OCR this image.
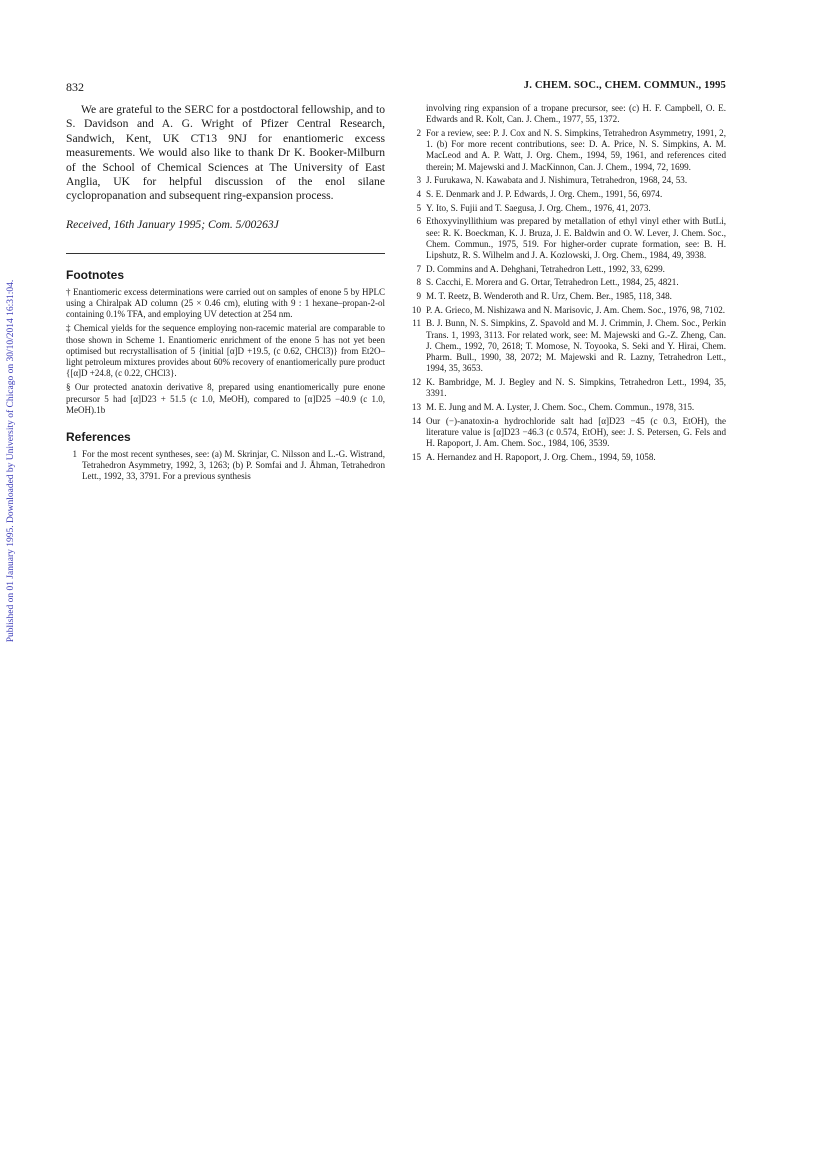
Published on 01 January 1995. Downloaded by University of Chicago on 30/10/2014 16:31:04.
832	J. CHEM. SOC., CHEM. COMMUN., 1995

We are grateful to the SERC for a postdoctoral fellowship, and to S. Davidson and A. G. Wright of Pfizer Central Research, Sandwich, Kent, UK CT13 9NJ for enantiomeric excess measurements. We would also like to thank Dr K. Booker-Milburn of the School of Chemical Sciences at The University of East Anglia, UK for helpful discussion of the enol silane cyclopropanation and subsequent ring-expansion process.

Received, 16th January 1995; Com. 5/00263J

Footnotes

† Enantiomeric excess determinations were carried out on samples of enone 5 by HPLC using a Chiralpak AD column (25 × 0.46 cm), eluting with 9 : 1 hexane–propan-2-ol containing 0.1% TFA, and employing UV detection at 254 nm.

‡ Chemical yields for the sequence employing non-racemic material are comparable to those shown in Scheme 1. Enantiomeric enrichment of the enone 5 has not yet been optimised but recrystallisation of 5 {initial [α]D +19.5, (c 0.62, CHCl3)} from Et2O–light petroleum mixtures provides about 60% recovery of enantiomerically pure product {[α]D +24.8, (c 0.22, CHCl3}.

§ Our protected anatoxin derivative 8, prepared using enantiomerically pure enone precursor 5 had [α]D23 + 51.5 (c 1.0, MeOH), compared to [α]D25 −40.9 (c 1.0, MeOH).1b

References
1 For the most recent syntheses, see: (a) M. Skrinjar, C. Nilsson and L.-G. Wistrand, Tetrahedron Asymmetry, 1992, 3, 1263; (b) P. Somfai and J. Åhman, Tetrahedron Lett., 1992, 33, 3791. For a previous synthesis

involving ring expansion of a tropane precursor, see: (c) H. F. Campbell, O. E. Edwards and R. Kolt, Can. J. Chem., 1977, 55, 1372.

2 For a review, see: P. J. Cox and N. S. Simpkins, Tetrahedron Asymmetry, 1991, 2, 1. (b) For more recent contributions, see: D. A. Price, N. S. Simpkins, A. M. MacLeod and A. P. Watt, J. Org. Chem., 1994, 59, 1961, and references cited therein; M. Majewski and J. MacKinnon, Can. J. Chem., 1994, 72, 1699.
3 J. Furukawa, N. Kawabata and J. Nishimura, Tetrahedron, 1968, 24, 53.
4 S. E. Denmark and J. P. Edwards, J. Org. Chem., 1991, 56, 6974.
5 Y. Ito, S. Fujii and T. Saegusa, J. Org. Chem., 1976, 41, 2073.
6 Ethoxyvinyllithium was prepared by metallation of ethyl vinyl ether with ButLi, see: R. K. Boeckman, K. J. Bruza, J. E. Baldwin and O. W. Lever, J. Chem. Soc., Chem. Commun., 1975, 519. For higher-order cuprate formation, see: B. H. Lipshutz, R. S. Wilhelm and J. A. Kozlowski, J. Org. Chem., 1984, 49, 3938.
7 D. Commins and A. Dehghani, Tetrahedron Lett., 1992, 33, 6299.
8 S. Cacchi, E. Morera and G. Ortar, Tetrahedron Lett., 1984, 25, 4821.
9 M. T. Reetz, B. Wenderoth and R. Urz, Chem. Ber., 1985, 118, 348.
10 P. A. Grieco, M. Nishizawa and N. Marisovic, J. Am. Chem. Soc., 1976, 98, 7102.
11 B. J. Bunn, N. S. Simpkins, Z. Spavold and M. J. Crimmin, J. Chem. Soc., Perkin Trans. 1, 1993, 3113. For related work, see: M. Majewski and G.-Z. Zheng, Can. J. Chem., 1992, 70, 2618; T. Momose, N. Toyooka, S. Seki and Y. Hirai, Chem. Pharm. Bull., 1990, 38, 2072; M. Majewski and R. Lazny, Tetrahedron Lett., 1994, 35, 3653.
12 K. Bambridge, M. J. Begley and N. S. Simpkins, Tetrahedron Lett., 1994, 35, 3391.
13 M. E. Jung and M. A. Lyster, J. Chem. Soc., Chem. Commun., 1978, 315.
14 Our (−)-anatoxin-a hydrochloride salt had [α]D23 −45 (c 0.3, EtOH), the literature value is [α]D23 −46.3 (c 0.574, EtOH), see: J. S. Petersen, G. Fels and H. Rapoport, J. Am. Chem. Soc., 1984, 106, 3539.
15 A. Hernandez and H. Rapoport, J. Org. Chem., 1994, 59, 1058.
